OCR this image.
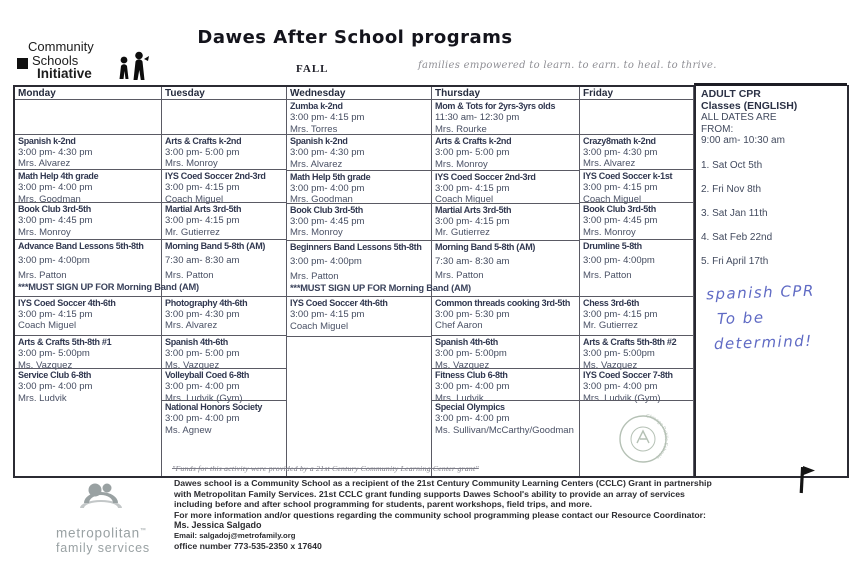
Community
Schools
Initiative
Dawes After School programs
FALL	families empowered to learn. to earn. to heal. to thrive.
Monday
Spanish k-2nd
3:00 pm- 4:30 pm
Mrs. Alvarez
Math Help 4th grade
3:00 pm- 4:00 pm
Mrs. Goodman
Book Club 3rd-5th
3:00 pm- 4:45 pm
Mrs. Monroy
Advance Band Lessons 5th-8th
3:00 pm- 4:00pm
Mrs. Patton
***MUST SIGN UP FOR Morning Band (AM)
IYS Coed Soccer 4th-6th
3:00 pm- 4:15 pm
Coach Miguel
Arts & Crafts 5th-8th #1
3:00 pm- 5:00pm
Ms. Vazquez
Service Club 6-8th
3:00 pm- 4:00 pm
Mrs. Ludvik
Tuesday
Arts & Crafts k-2nd
3:00 pm- 5:00 pm
Mrs. Monroy
IYS Coed Soccer 2nd-3rd
3:00 pm- 4:15 pm
Coach Miguel
Martial Arts 3rd-5th
3:00 pm- 4:15 pm
Mr. Gutierrez
Morning Band 5-8th (AM)
7:30 am- 8:30 am
Mrs. Patton
Photography 4th-6th
3:00 pm- 4:30 pm
Mrs. Alvarez
Spanish 4th-6th
3:00 pm- 5:00 pm
Ms. Vazquez
Volleyball Coed 6-8th
3:00 pm- 4:00 pm
Mrs. Ludvik (Gym)
National Honors Society
3:00 pm- 4:00 pm
Ms. Agnew
Wednesday
Zumba k-2nd
3:00 pm- 4:15 pm
Mrs. Torres
Spanish k-2nd
3:00 pm- 4:30 pm
Mrs. Alvarez
Math Help 5th grade
3:00 pm- 4:00 pm
Mrs. Goodman
Book Club 3rd-5th
3:00 pm- 4:45 pm
Mrs. Monroy
Beginners Band Lessons 5th-8th
3:00 pm- 4:00pm
Mrs. Patton
***MUST SIGN UP FOR Morning Band (AM)
IYS Coed Soccer 4th-6th
3:00 pm- 4:15 pm
Coach Miguel
Thursday
Mom & Tots for 2yrs-3yrs olds
11:30 am- 12:30 pm
Mrs. Rourke
Arts & Crafts k-2nd
3:00 pm- 5:00 pm
Mrs. Monroy
IYS Coed Soccer 2nd-3rd
3:00 pm- 4:15 pm
Coach Miguel
Martial Arts 3rd-5th
3:00 pm- 4:15 pm
Mr. Gutierrez
Morning Band 5-8th (AM)
7:30 am- 8:30 am
Mrs. Patton
Common threads cooking 3rd-5th
3:00 pm- 5:30 pm
Chef Aaron
Spanish 4th-6th
3:00 pm- 5:00pm
Ms. Vazquez
Fitness Club 6-8th
3:00 pm- 4:00 pm
Mrs. Ludvik
Special Olympics
3:00 pm- 4:00 pm
Ms. Sullivan/McCarthy/Goodman
Friday
Crazy8math k-2nd
3:00 pm- 4:30 pm
Mrs. Alvarez
IYS Coed Soccer k-1st
3:00 pm- 4:15 pm
Coach Miguel
Book Club 3rd-5th
3:00 pm- 4:45 pm
Mrs. Monroy
Drumline 5-8th
3:00 pm- 4:00pm
Mrs. Patton
Chess 3rd-6th
3:00 pm- 4:15 pm
Mr. Gutierrez
Arts & Crafts 5th-8th #2
3:00 pm- 5:00pm
Ms. Vazquez
IYS Coed Soccer 7-8th
3:00 pm- 4:00 pm
Mrs. Ludvik (Gym)
ADULT CPR
Classes (ENGLISH)
ALL DATES ARE
FROM:
9:00 am- 10:30 am
1. Sat Oct 5th
2. Fri Nov 8th
3. Sat Jan 11th
4. Sat Feb 22nd
5. Fri April 17th
spanish CPR
To be
determind!
Chicago Public Schools
"Funds for this activity were provided by a 21st Century Community Learning Center grant"
metropolitan™
family services
Dawes school is a Community School as a recipient of the 21st Century Community Learning Centers (CCLC) Grant in partnership
with Metropolitan Family Services. 21st CCLC grant funding supports Dawes School's ability to provide an array of services
including before and after school programming for students, parent workshops, field trips, and more.
For more information and/or questions regarding the community school programming please contact our Resource Coordinator:
Ms. Jessica Salgado
Email: salgadoj@metrofamily.org
office number 773-535-2350 x 17640
